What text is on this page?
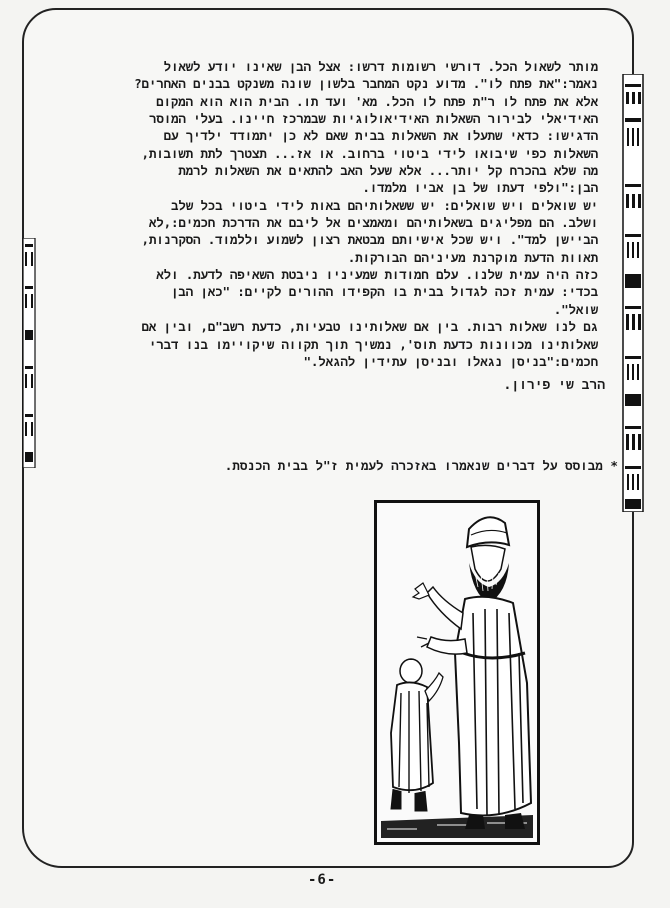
מותר לשאול הכל. דורשי רשומות דרשו: אצל הבן שאינו יודע לשאול
נאמר:"את פתח לו". מדוע נקט המחבר בלשון שונה משנקט בבנים האחרים?
אלא את פתח לו ר"ת פתח לו הכל. מא' ועד תו. הבית הוא הוא המקום
האידיאלי לבירור השאלות האידיאולוגיות שבמרכז חיינו. בעלי המוסר
הדגישו: כדאי שתעלו את השאלות בבית שאם לא כן יתמודד ילדיך עם
השאלות כפי שיבואו לידי ביטוי ברחוב. או אז... תצטרך לתת תשובות,
מה שלא בהכרח קל יותר... אלא שעל האב להתאים את השאלות לרמת
הבן:"ולפי דעתו של בן אביו מלמדו.
יש שואלים ויש שואלים: יש ששאלותיהם באות לידי ביטוי בכל שלב
ושלב. הם מפליגים בשאלותיהם ומאמצים אל ליבם את הדרכת חכמים:,לא
הביישן למד". ויש שכל אישיותם מבטאת רצון לשמוע וללמוד. הסקרנות,
תאוות הדעת מוקרנת מעיניהם הבורקות.
כזה היה עמית שלנו. עלם חמודות שמעיניו ניבטת השאיפה לדעת. ולא
בכדי: עמית זכה לגדול בבית בו הקפידו ההורים לקיים: "כאן הבן
שואל".
גם לנו שאלות רבות. בין אם שאלותינו טבעיות, כדעת רשב"ם, ובין אם
שאלותינו מכוונות כדעת תוס', נמשיך תוך תקווה שיקויימו בנו דברי
חכמים:"בניסן נגאלו ובניסן עתידין להגאל."
הרב שי פירון.
* מבוסס על דברים שנאמרו באזכרה לעמית ז"ל בבית הכנסת.
-6-
